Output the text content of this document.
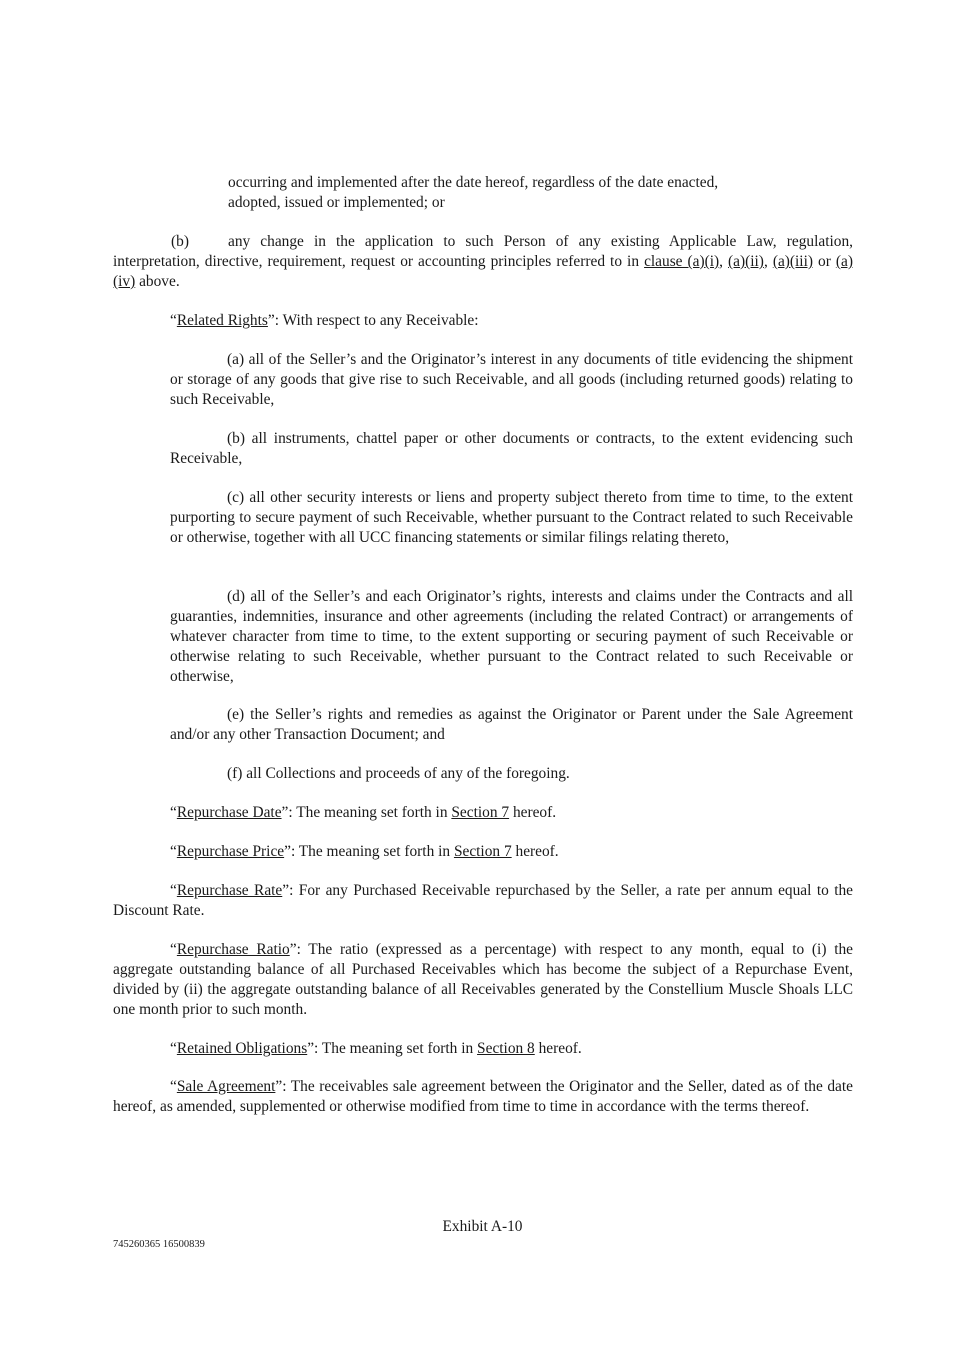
occurring and implemented after the date hereof, regardless of the date enacted,
adopted, issued or implemented; or

(b)	any change in the application to such Person of any existing Applicable Law, regulation, interpretation, directive, requirement, request or accounting principles referred to in clause (a)(i), (a)(ii), (a)(iii) or (a)(iv) above.

“Related Rights”: With respect to any Receivable:

(a) all of the Seller’s and the Originator’s interest in any documents of title evidencing the shipment or storage of any goods that give rise to such Receivable, and all goods (including returned goods) relating to such Receivable,

(b) all instruments, chattel paper or other documents or contracts, to the extent evidencing such Receivable,

(c) all other security interests or liens and property subject thereto from time to time, to the extent purporting to secure payment of such Receivable, whether pursuant to the Contract related to such Receivable or otherwise, together with all UCC financing statements or similar filings relating thereto,

(d) all of the Seller’s and each Originator’s rights, interests and claims under the Contracts and all guaranties, indemnities, insurance and other agreements (including the related Contract) or arrangements of whatever character from time to time, to the extent supporting or securing payment of such Receivable or otherwise relating to such Receivable, whether pursuant to the Contract related to such Receivable or otherwise,

(e) the Seller’s rights and remedies as against the Originator or Parent under the Sale Agreement and/or any other Transaction Document; and

(f) all Collections and proceeds of any of the foregoing.

“Repurchase Date”: The meaning set forth in Section 7 hereof.

“Repurchase Price”: The meaning set forth in Section 7 hereof.

“Repurchase Rate”: For any Purchased Receivable repurchased by the Seller, a rate per annum equal to the Discount Rate.

“Repurchase Ratio”: The ratio (expressed as a percentage) with respect to any month, equal to (i) the aggregate outstanding balance of all Purchased Receivables which has become the subject of a Repurchase Event, divided by (ii) the aggregate outstanding balance of all Receivables generated by the Constellium Muscle Shoals LLC one month prior to such month.

“Retained Obligations”: The meaning set forth in Section 8 hereof.

“Sale Agreement”: The receivables sale agreement between the Originator and the Seller, dated as of the date hereof, as amended, supplemented or otherwise modified from time to time in accordance with the terms thereof.

Exhibit A-10
745260365 16500839
